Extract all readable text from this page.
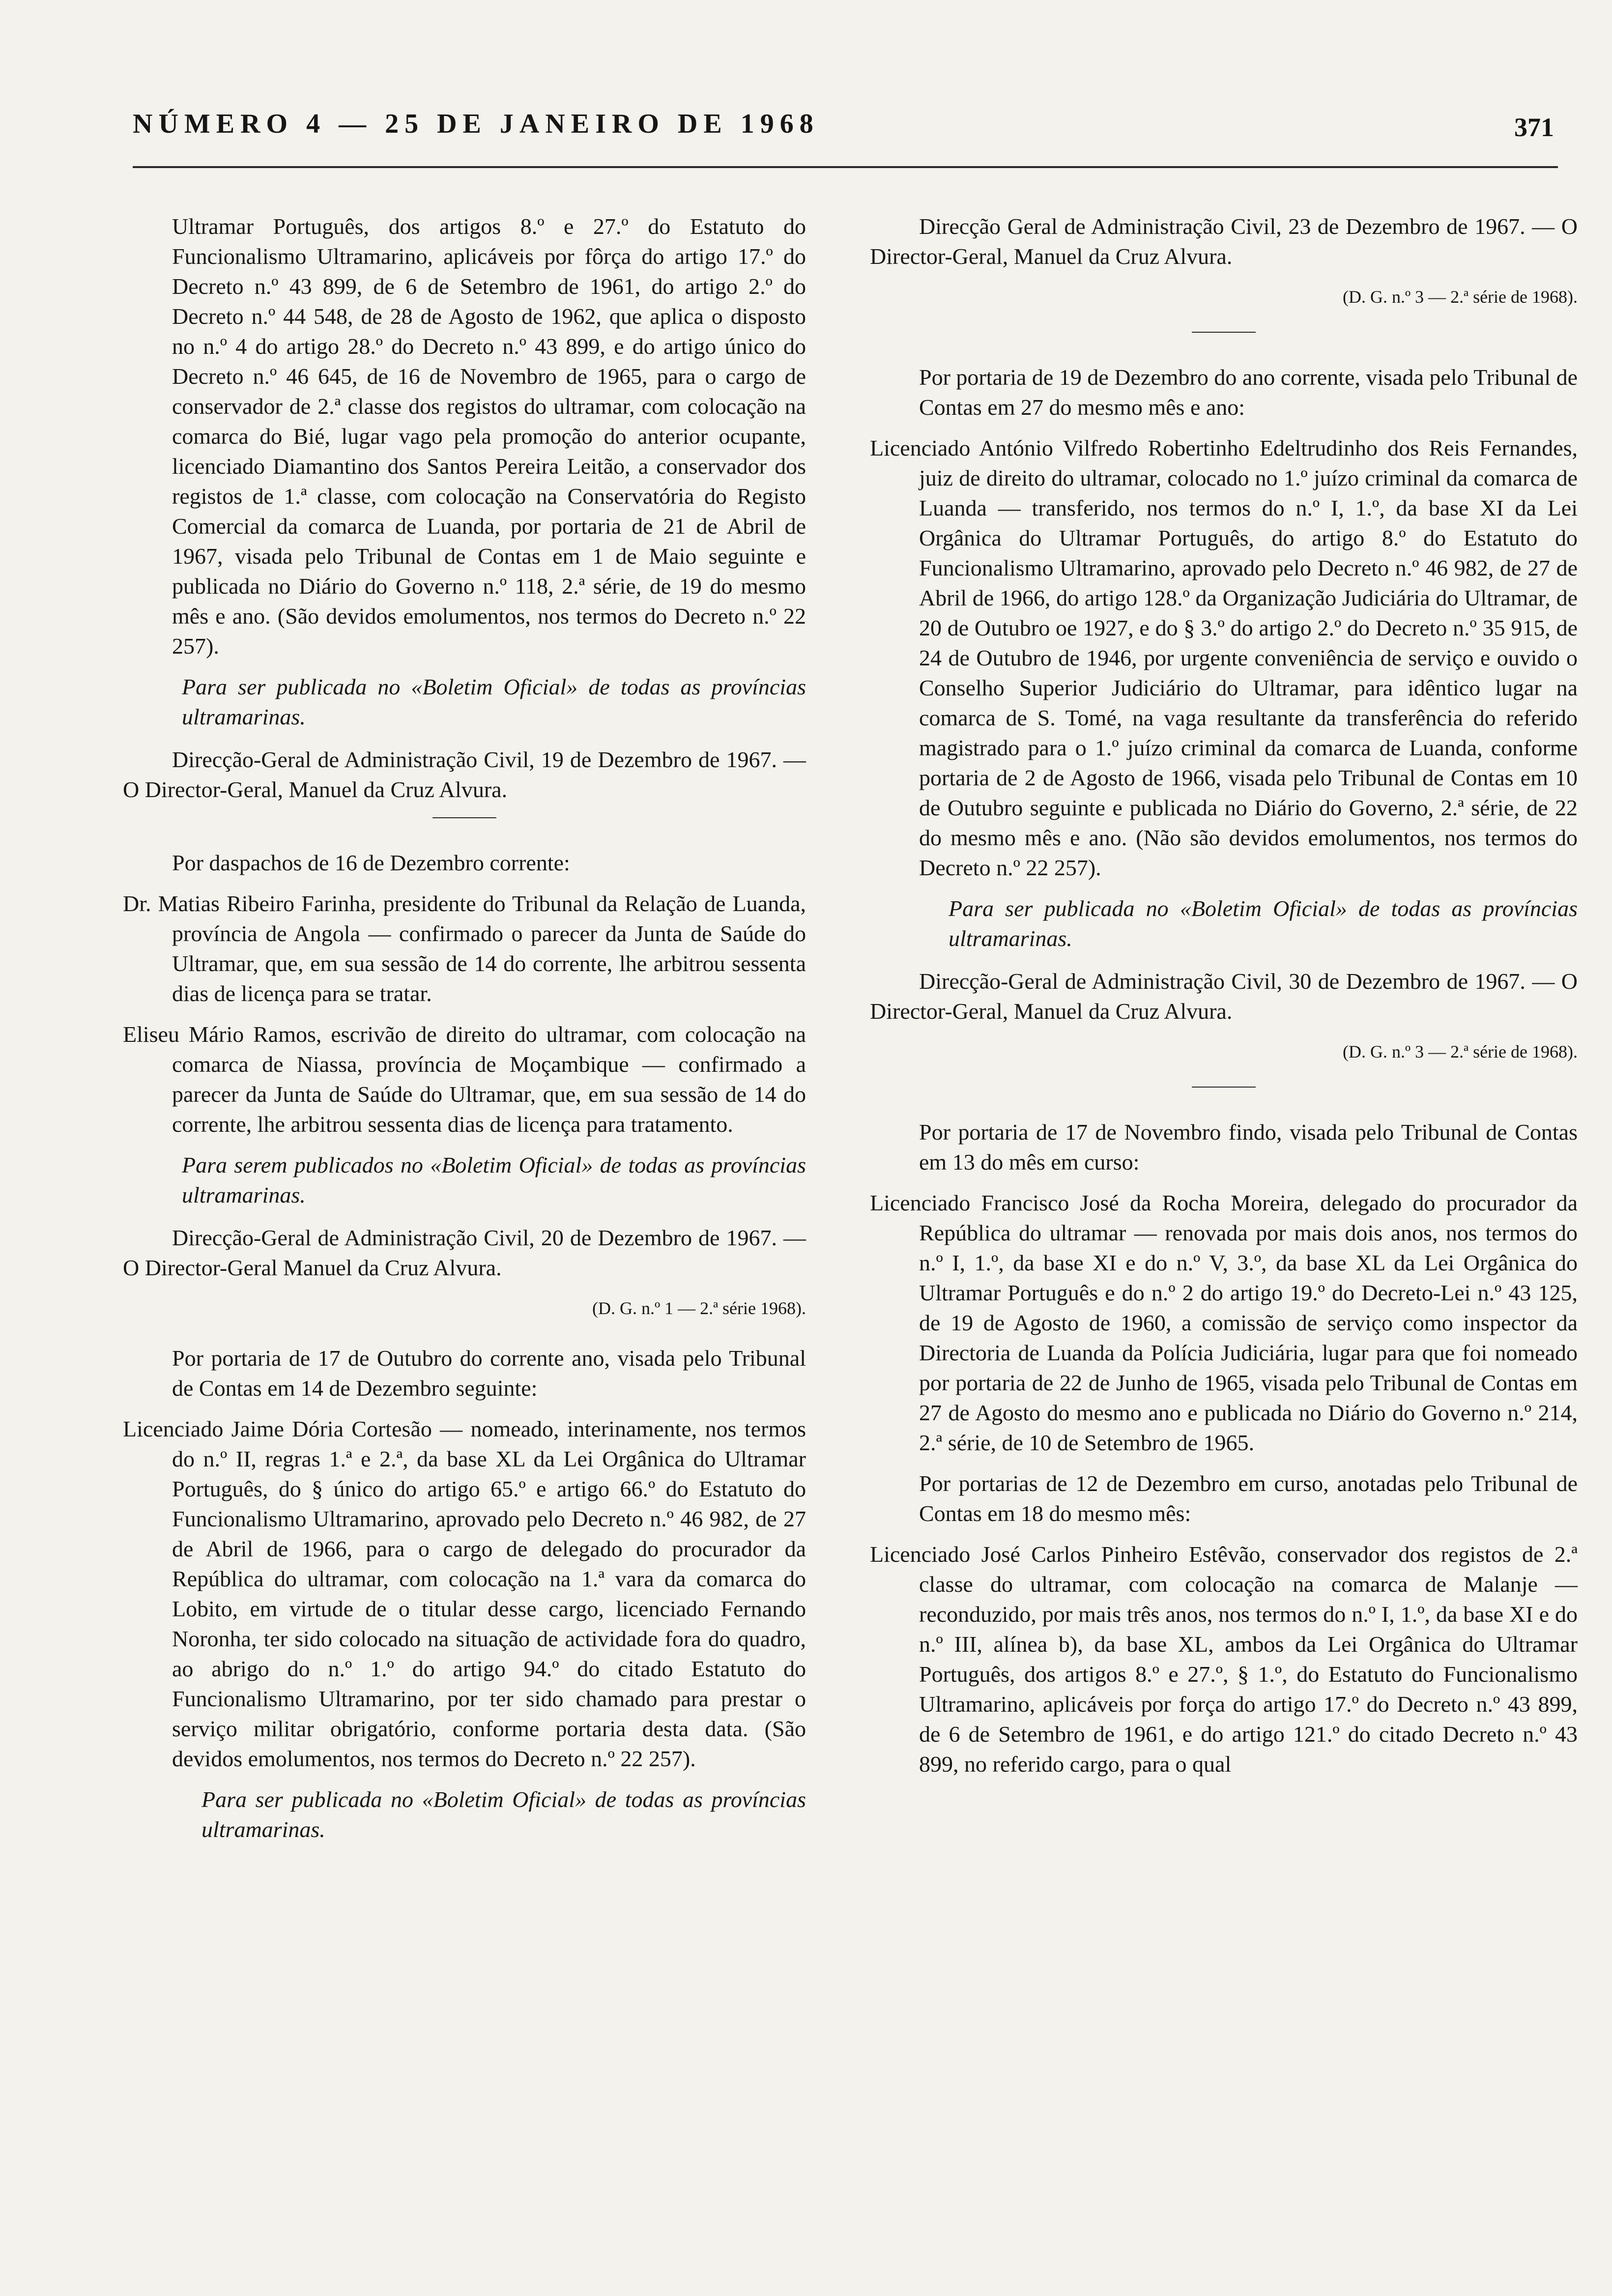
NÚMERO 4 — 25 DE JANEIRO DE 1968	371

Ultramar Português, dos artigos 8.º e 27.º do Estatuto do Funcionalismo Ultramarino, aplicáveis por fôrça do artigo 17.º do Decreto n.º 43 899, de 6 de Setembro de 1961, do artigo 2.º do Decreto n.º 44 548, de 28 de Agosto de 1962, que aplica o disposto no n.º 4 do artigo 28.º do Decreto n.º 43 899, e do artigo único do Decreto n.º 46 645, de 16 de Novembro de 1965, para o cargo de conservador de 2.ª classe dos registos do ultramar, com colocação na comarca do Bié, lugar vago pela promoção do anterior ocupante, licenciado Diamantino dos Santos Pereira Leitão, a conservador dos registos de 1.ª classe, com colocação na Conservatória do Registo Comercial da comarca de Luanda, por portaria de 21 de Abril de 1967, visada pelo Tribunal de Contas em 1 de Maio seguinte e publicada no Diário do Governo n.º 118, 2.ª série, de 19 do mesmo mês e ano. (São devidos emolumentos, nos termos do Decreto n.º 22 257).

Para ser publicada no «Boletim Oficial» de todas as províncias ultramarinas.

Direcção-Geral de Administração Civil, 19 de Dezembro de 1967. — O Director-Geral, Manuel da Cruz Alvura.

Por daspachos de 16 de Dezembro corrente:

Dr. Matias Ribeiro Farinha, presidente do Tribunal da Relação de Luanda, província de Angola — confirmado o parecer da Junta de Saúde do Ultramar, que, em sua sessão de 14 do corrente, lhe arbitrou sessenta dias de licença para se tratar.

Eliseu Mário Ramos, escrivão de direito do ultramar, com colocação na comarca de Niassa, província de Moçambique — confirmado a parecer da Junta de Saúde do Ultramar, que, em sua sessão de 14 do corrente, lhe arbitrou sessenta dias de licença para tratamento.

Para serem publicados no «Boletim Oficial» de todas as províncias ultramarinas.

Direcção-Geral de Administração Civil, 20 de Dezembro de 1967. — O Director-Geral Manuel da Cruz Alvura.

(D. G. n.º 1 — 2.ª série 1968).

Por portaria de 17 de Outubro do corrente ano, visada pelo Tribunal de Contas em 14 de Dezembro seguinte:

Licenciado Jaime Dória Cortesão — nomeado, interinamente, nos termos do n.º II, regras 1.ª e 2.ª, da base XL da Lei Orgânica do Ultramar Português, do § único do artigo 65.º e artigo 66.º do Estatuto do Funcionalismo Ultramarino, aprovado pelo Decreto n.º 46 982, de 27 de Abril de 1966, para o cargo de delegado do procurador da República do ultramar, com colocação na 1.ª vara da comarca do Lobito, em virtude de o titular desse cargo, licenciado Fernando Noronha, ter sido colocado na situação de actividade fora do quadro, ao abrigo do n.º 1.º do artigo 94.º do citado Estatuto do Funcionalismo Ultramarino, por ter sido chamado para prestar o serviço militar obrigatório, conforme portaria desta data. (São devidos emolumentos, nos termos do Decreto n.º 22 257).

Para ser publicada no «Boletim Oficial» de todas as províncias ultramarinas.

Direcção Geral de Administração Civil, 23 de Dezembro de 1967. — O Director-Geral, Manuel da Cruz Alvura.

(D. G. n.º 3 — 2.ª série de 1968).

Por portaria de 19 de Dezembro do ano corrente, visada pelo Tribunal de Contas em 27 do mesmo mês e ano:

Licenciado António Vilfredo Robertinho Edeltrudinho dos Reis Fernandes, juiz de direito do ultramar, colocado no 1.º juízo criminal da comarca de Luanda — transferido, nos termos do n.º I, 1.º, da base XI da Lei Orgânica do Ultramar Português, do artigo 8.º do Estatuto do Funcionalismo Ultramarino, aprovado pelo Decreto n.º 46 982, de 27 de Abril de 1966, do artigo 128.º da Organização Judiciária do Ultramar, de 20 de Outubro oe 1927, e do § 3.º do artigo 2.º do Decreto n.º 35 915, de 24 de Outubro de 1946, por urgente conveniência de serviço e ouvido o Conselho Superior Judiciário do Ultramar, para idêntico lugar na comarca de S. Tomé, na vaga resultante da transferência do referido magistrado para o 1.º juízo criminal da comarca de Luanda, conforme portaria de 2 de Agosto de 1966, visada pelo Tribunal de Contas em 10 de Outubro seguinte e publicada no Diário do Governo, 2.ª série, de 22 do mesmo mês e ano. (Não são devidos emolumentos, nos termos do Decreto n.º 22 257).

Para ser publicada no «Boletim Oficial» de todas as províncias ultramarinas.

Direcção-Geral de Administração Civil, 30 de Dezembro de 1967. — O Director-Geral, Manuel da Cruz Alvura.

(D. G. n.º 3 — 2.ª série de 1968).

Por portaria de 17 de Novembro findo, visada pelo Tribunal de Contas em 13 do mês em curso:

Licenciado Francisco José da Rocha Moreira, delegado do procurador da República do ultramar — renovada por mais dois anos, nos termos do n.º I, 1.º, da base XI e do n.º V, 3.º, da base XL da Lei Orgânica do Ultramar Português e do n.º 2 do artigo 19.º do Decreto-Lei n.º 43 125, de 19 de Agosto de 1960, a comissão de serviço como inspector da Directoria de Luanda da Polícia Judiciária, lugar para que foi nomeado por portaria de 22 de Junho de 1965, visada pelo Tribunal de Contas em 27 de Agosto do mesmo ano e publicada no Diário do Governo n.º 214, 2.ª série, de 10 de Setembro de 1965.

Por portarias de 12 de Dezembro em curso, anotadas pelo Tribunal de Contas em 18 do mesmo mês:

Licenciado José Carlos Pinheiro Estêvão, conservador dos registos de 2.ª classe do ultramar, com colocação na comarca de Malanje — reconduzido, por mais três anos, nos termos do n.º I, 1.º, da base XI e do n.º III, alínea b), da base XL, ambos da Lei Orgânica do Ultramar Português, dos artigos 8.º e 27.º, § 1.º, do Estatuto do Funcionalismo Ultramarino, aplicáveis por força do artigo 17.º do Decreto n.º 43 899, de 6 de Setembro de 1961, e do artigo 121.º do citado Decreto n.º 43 899, no referido cargo, para o qual
